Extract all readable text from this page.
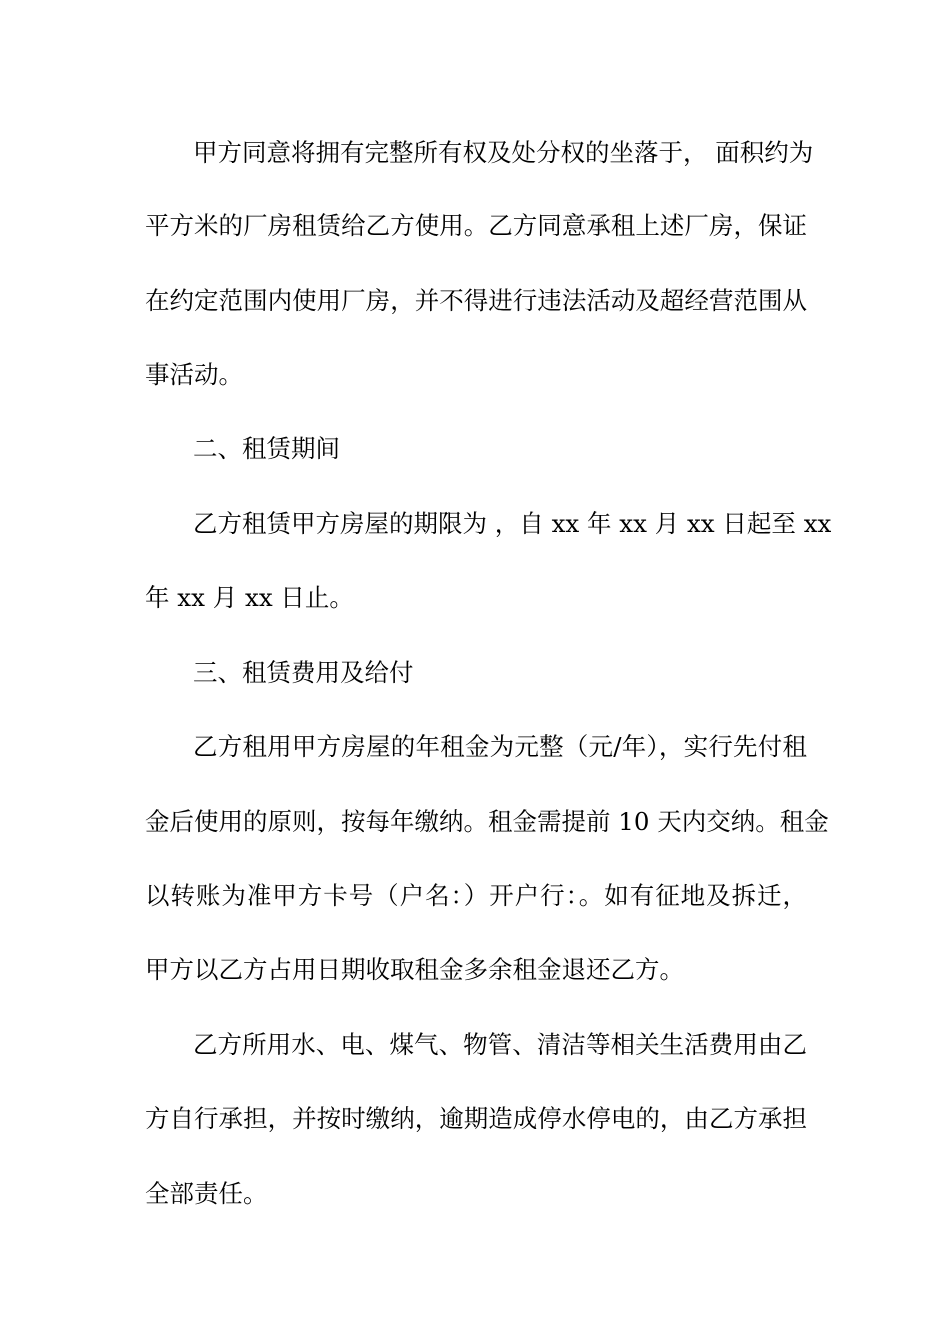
甲方同意将拥有完整所有权及处分权的坐落于， 面积约为

平方米的厂房租赁给乙方使用。乙方同意承租上述厂房，保证

在约定范围内使用厂房，并不得进行违法活动及超经营范围从

事活动。

二、租赁期间

乙方租赁甲方房屋的期限为 ，自 xx 年 xx 月 xx 日起至 xx

年 xx 月 xx 日止。

三、租赁费用及给付

乙方租用甲方房屋的年租金为元整（元/年），实行先付租

金后使用的原则，按每年缴纳。租金需提前 10 天内交纳。租金

以转账为准甲方卡号（户名：）开户行：。如有征地及拆迁，

甲方以乙方占用日期收取租金多余租金退还乙方。

乙方所用水、电、煤气、物管、清洁等相关生活费用由乙

方自行承担，并按时缴纳，逾期造成停水停电的，由乙方承担

全部责任。
